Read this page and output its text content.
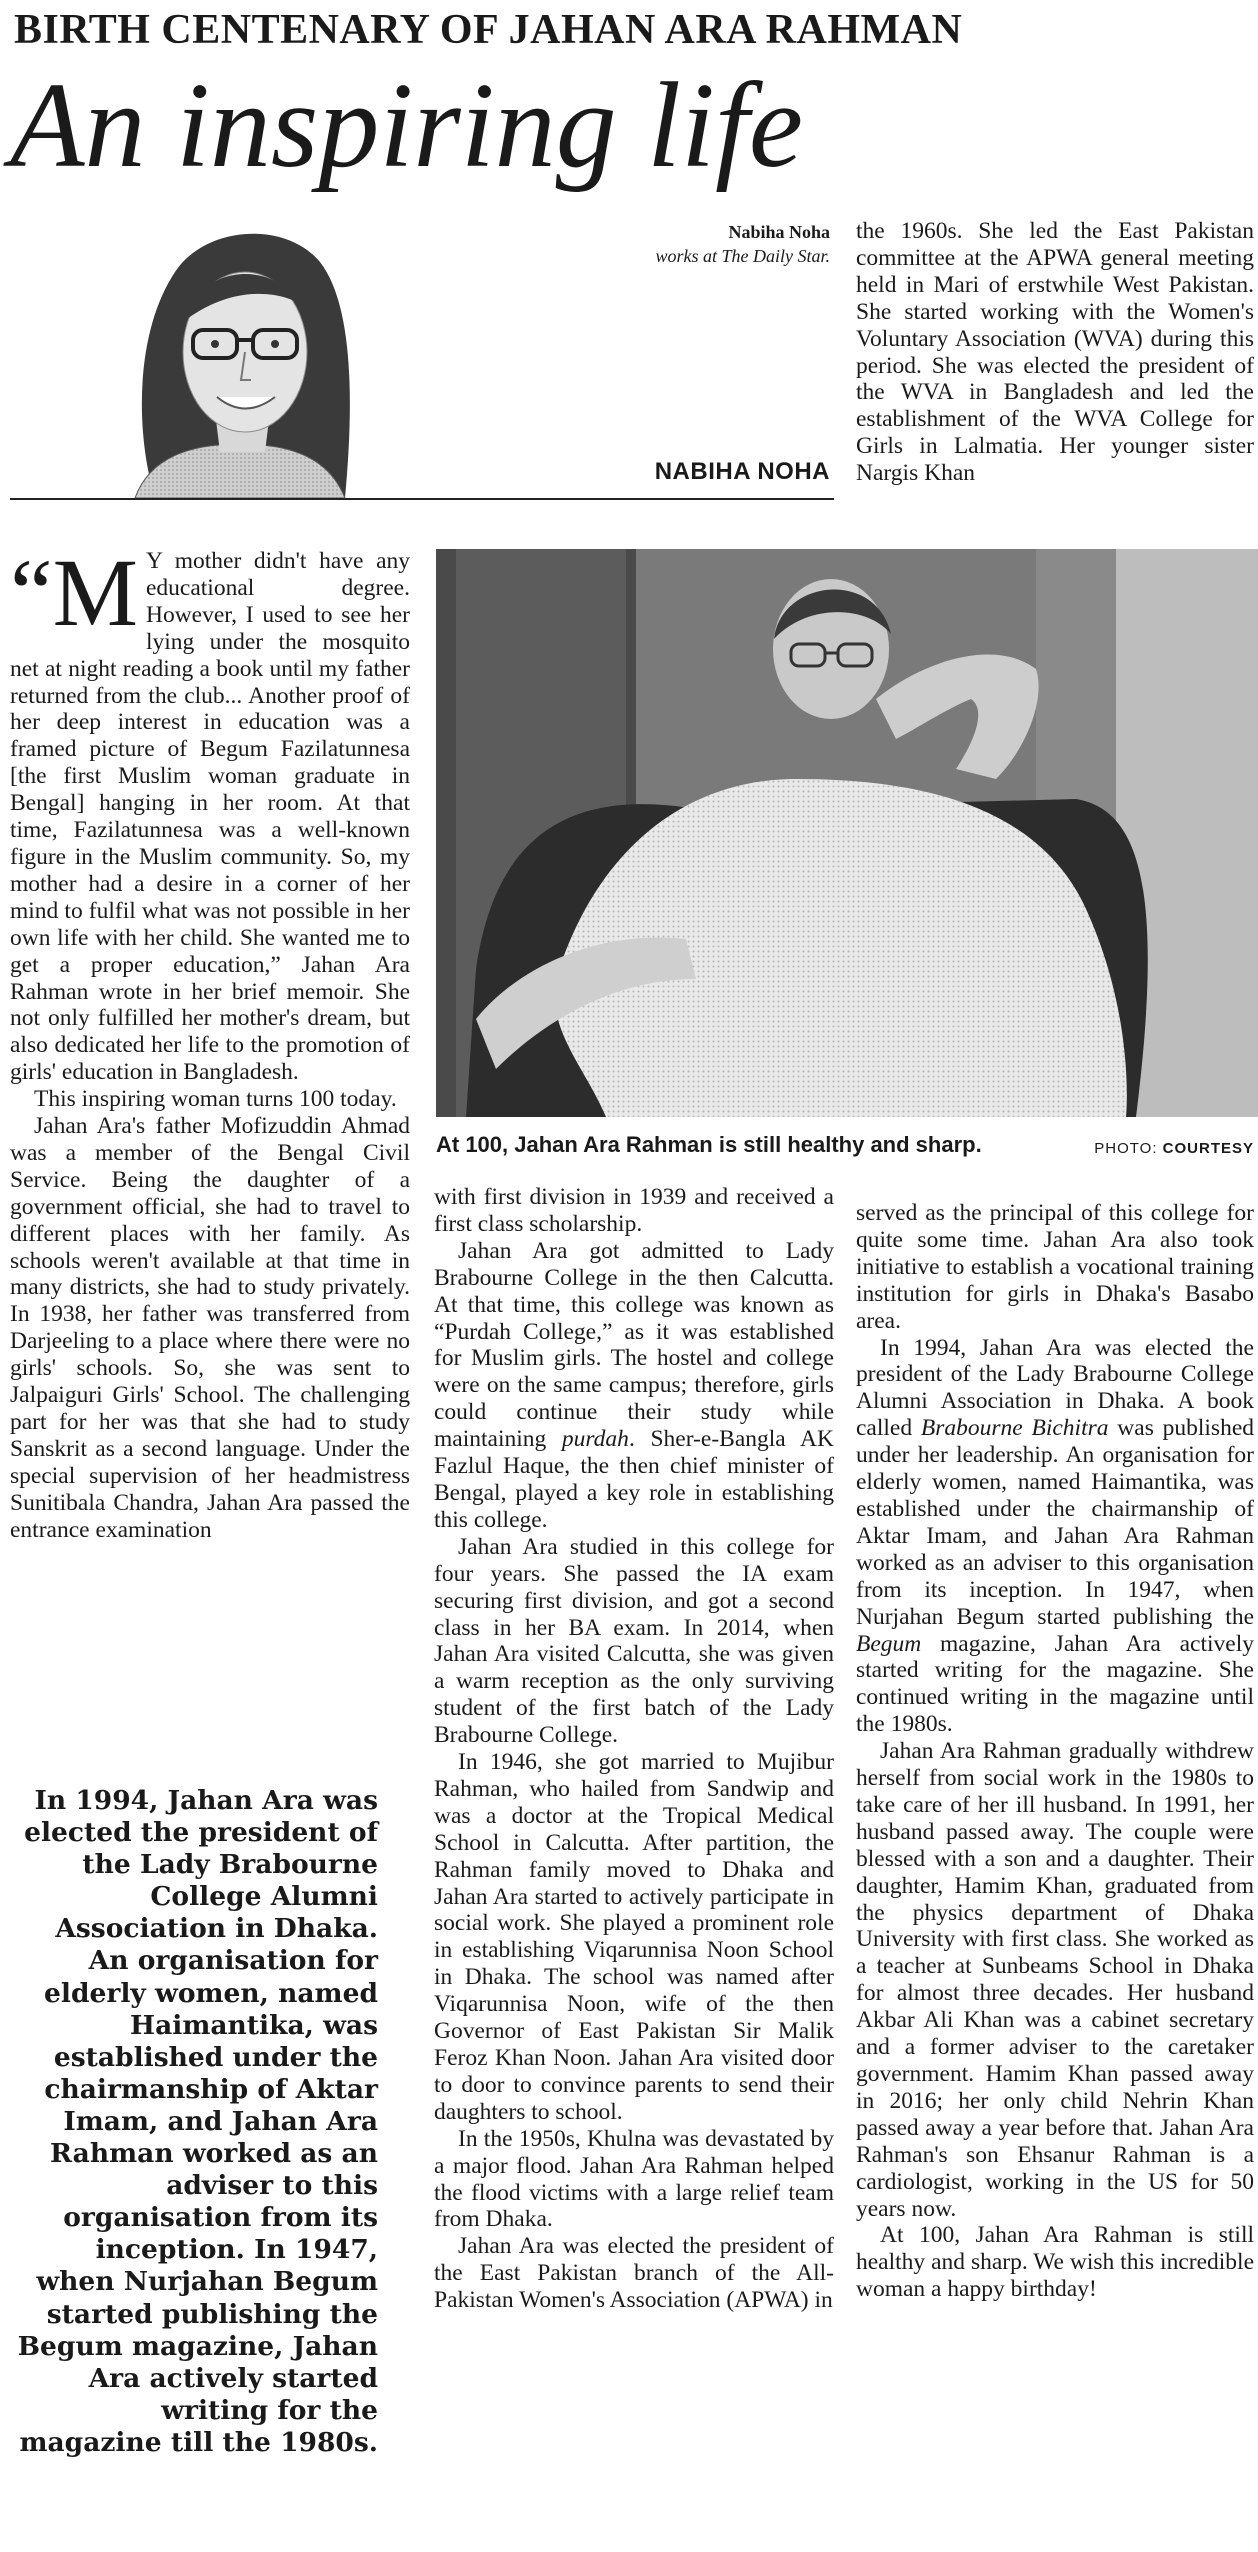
BIRTH CENTENARY OF JAHAN ARA RAHMAN
An inspiring life
Nabiha Noha
works at The Daily Star.
NABIHA NOHA

the 1960s. She led the East Pakistan committee at the APWA general meeting held in Mari of erstwhile West Pakistan. She started working with the Women's Voluntary Association (WVA) during this period. She was elected the president of the WVA in Bangladesh and led the establishment of the WVA College for Girls in Lalmatia. Her younger sister Nargis Khan

At 100, Jahan Ara Rahman is still healthy and sharp.	PHOTO: COURTESY

“M Y mother didn't have any educational degree. However, I used to see her lying under the mosquito net at night reading a book until my father returned from the club... Another proof of her deep interest in education was a framed picture of Begum Fazilatunnesa [the first Muslim woman graduate in Bengal] hanging in her room. At that time, Fazilatunnesa was a well-known figure in the Muslim community. So, my mother had a desire in a corner of her mind to fulfil what was not possible in her own life with her child. She wanted me to get a proper education,” Jahan Ara Rahman wrote in her brief memoir. She not only fulfilled her mother's dream, but also dedicated her life to the promotion of girls' education in Bangladesh.

This inspiring woman turns 100 today.

Jahan Ara's father Mofizuddin Ahmad was a member of the Bengal Civil Service. Being the daughter of a government official, she had to travel to different places with her family. As schools weren't available at that time in many districts, she had to study privately. In 1938, her father was transferred from Darjeeling to a place where there were no girls' schools. So, she was sent to Jalpaiguri Girls' School. The challenging part for her was that she had to study Sanskrit as a second language. Under the special supervision of her headmistress Sunitibala Chandra, Jahan Ara passed the entrance examination

In 1994, Jahan Ara was elected the president of the Lady Brabourne College Alumni Association in Dhaka. An organisation for elderly women, named Haimantika, was established under the chairmanship of Aktar Imam, and Jahan Ara Rahman worked as an adviser to this organisation from its inception. In 1947, when Nurjahan Begum started publishing the Begum magazine, Jahan Ara actively started writing for the magazine till the 1980s.

with first division in 1939 and received a first class scholarship.

Jahan Ara got admitted to Lady Brabourne College in the then Calcutta. At that time, this college was known as “Purdah College,” as it was established for Muslim girls. The hostel and college were on the same campus; therefore, girls could continue their study while maintaining purdah. Sher-e-Bangla AK Fazlul Haque, the then chief minister of Bengal, played a key role in establishing this college.

Jahan Ara studied in this college for four years. She passed the IA exam securing first division, and got a second class in her BA exam. In 2014, when Jahan Ara visited Calcutta, she was given a warm reception as the only surviving student of the first batch of the Lady Brabourne College.

In 1946, she got married to Mujibur Rahman, who hailed from Sandwip and was a doctor at the Tropical Medical School in Calcutta. After partition, the Rahman family moved to Dhaka and Jahan Ara started to actively participate in social work. She played a prominent role in establishing Viqarunnisa Noon School in Dhaka. The school was named after Viqarunnisa Noon, wife of the then Governor of East Pakistan Sir Malik Feroz Khan Noon. Jahan Ara visited door to door to convince parents to send their daughters to school.

In the 1950s, Khulna was devastated by a major flood. Jahan Ara Rahman helped the flood victims with a large relief team from Dhaka.

Jahan Ara was elected the president of the East Pakistan branch of the All-Pakistan Women's Association (APWA) in

served as the principal of this college for quite some time. Jahan Ara also took initiative to establish a vocational training institution for girls in Dhaka's Basabo area.

In 1994, Jahan Ara was elected the president of the Lady Brabourne College Alumni Association in Dhaka. A book called Brabourne Bichitra was published under her leadership. An organisation for elderly women, named Haimantika, was established under the chairmanship of Aktar Imam, and Jahan Ara Rahman worked as an adviser to this organisation from its inception. In 1947, when Nurjahan Begum started publishing the Begum magazine, Jahan Ara actively started writing for the magazine. She continued writing in the magazine until the 1980s.

Jahan Ara Rahman gradually withdrew herself from social work in the 1980s to take care of her ill husband. In 1991, her husband passed away. The couple were blessed with a son and a daughter. Their daughter, Hamim Khan, graduated from the physics department of Dhaka University with first class. She worked as a teacher at Sunbeams School in Dhaka for almost three decades. Her husband Akbar Ali Khan was a cabinet secretary and a former adviser to the caretaker government. Hamim Khan passed away in 2016; her only child Nehrin Khan passed away a year before that. Jahan Ara Rahman's son Ehsanur Rahman is a cardiologist, working in the US for 50 years now.

At 100, Jahan Ara Rahman is still healthy and sharp. We wish this incredible woman a happy birthday!
